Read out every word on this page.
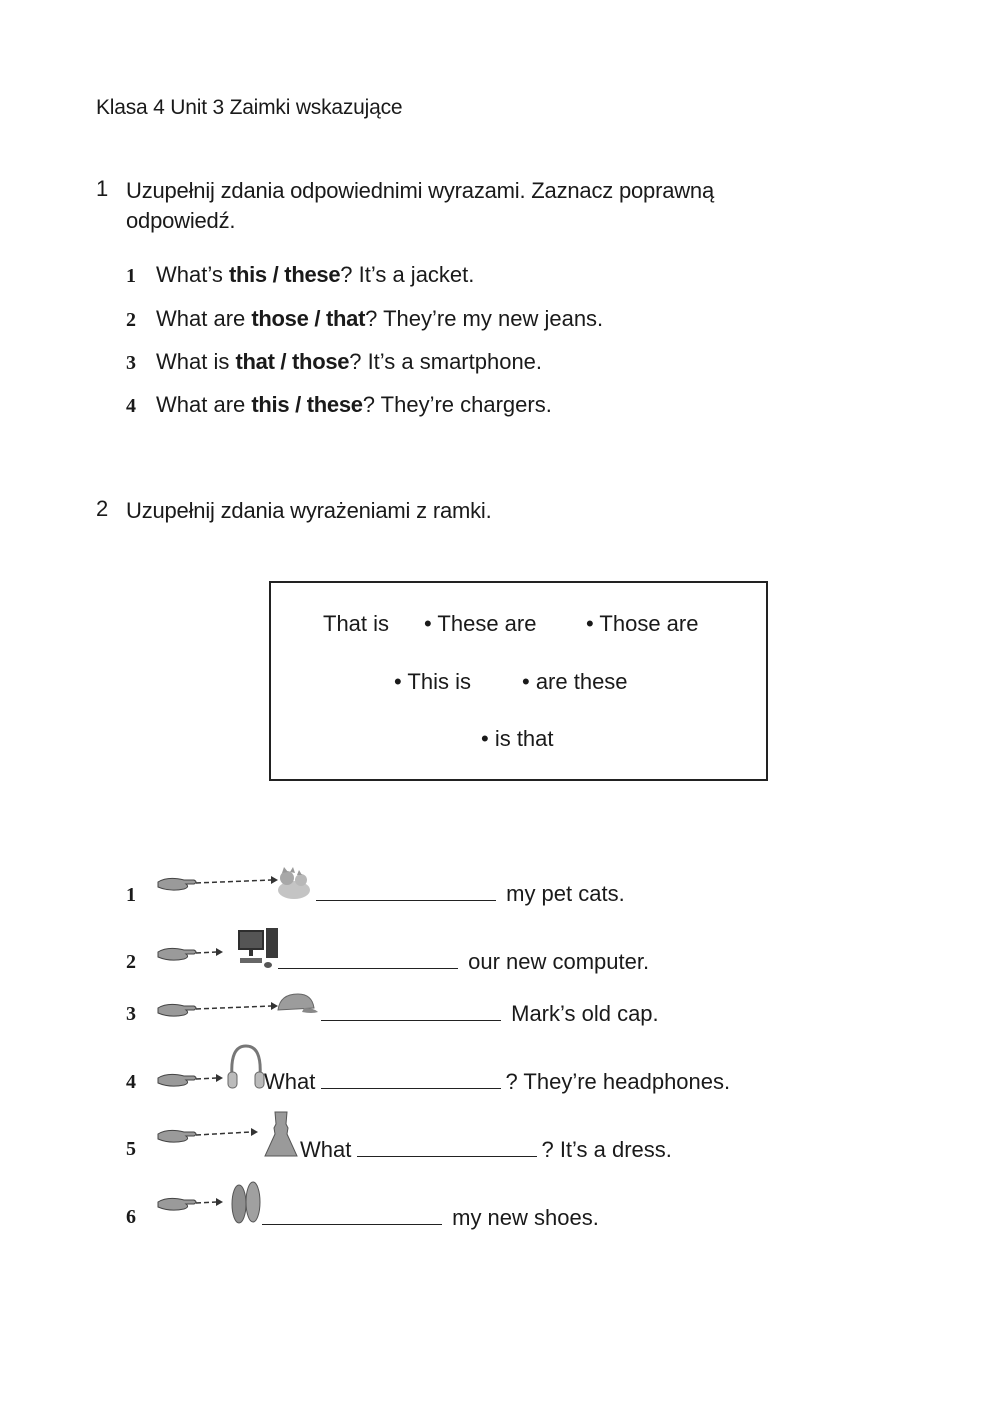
Klasa 4 Unit 3 Zaimki wskazujące
1 Uzupełnij zdania odpowiednimi wyrazami. Zaznacz poprawną
odpowiedź.
1 What’s this / these? It’s a jacket.
2 What are those / that? They’re my new jeans.
3 What is that / those? It’s a smartphone.
4 What are this / these? They’re chargers.
2 Uzupełnij zdania wyrażeniami z ramki.
That is • These are • Those are
• This is • are these
• is that
1	my pet cats.
2	our new computer.
3	Mark’s old cap.
4	What	? They’re headphones.
5	What	? It’s a dress.
6	my new shoes.
